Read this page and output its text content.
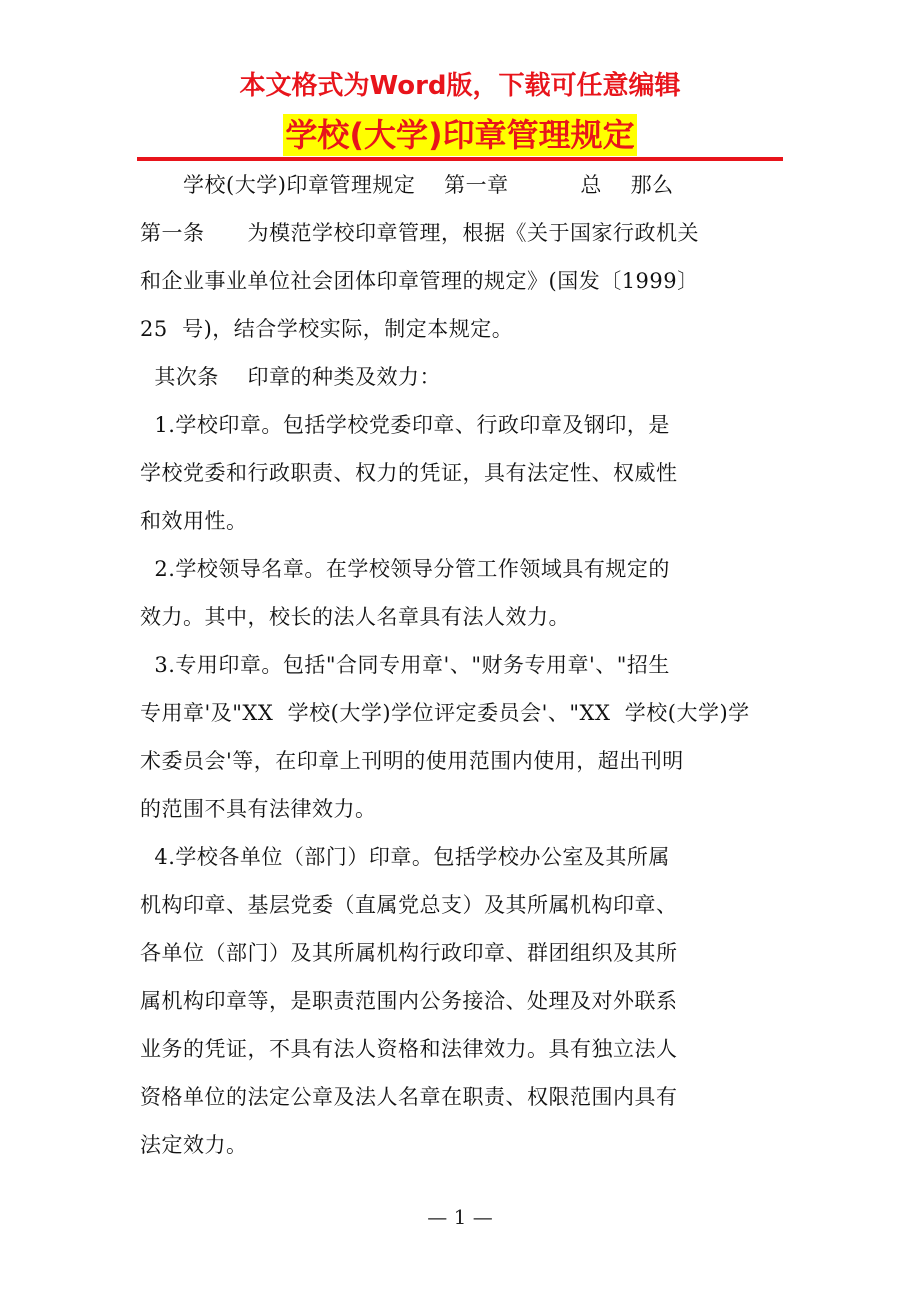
本文格式为Word版，下载可任意编辑
学校(大学)印章管理规定
学校(大学)印章管理规定    第一章          总    那么
第一条      为模范学校印章管理，根据《关于国家行政机关
和企业事业单位社会团体印章管理的规定》(国发〔1999〕
25  号)，结合学校实际，制定本规定。
其次条    印章的种类及效力：
1.学校印章。包括学校党委印章、行政印章及钢印，是
学校党委和行政职责、权力的凭证，具有法定性、权威性
和效用性。
2.学校领导名章。在学校领导分管工作领域具有规定的
效力。其中，校长的法人名章具有法人效力。
3.专用印章。包括"合同专用章'、"财务专用章'、"招生
专用章'及"XX  学校(大学)学位评定委员会'、"XX  学校(大学)学
术委员会'等，在印章上刊明的使用范围内使用，超出刊明
的范围不具有法律效力。
4.学校各单位（部门）印章。包括学校办公室及其所属
机构印章、基层党委（直属党总支）及其所属机构印章、
各单位（部门）及其所属机构行政印章、群团组织及其所
属机构印章等，是职责范围内公务接洽、处理及对外联系
业务的凭证，不具有法人资格和法律效力。具有独立法人
资格单位的法定公章及法人名章在职责、权限范围内具有
法定效力。
— 1 —
